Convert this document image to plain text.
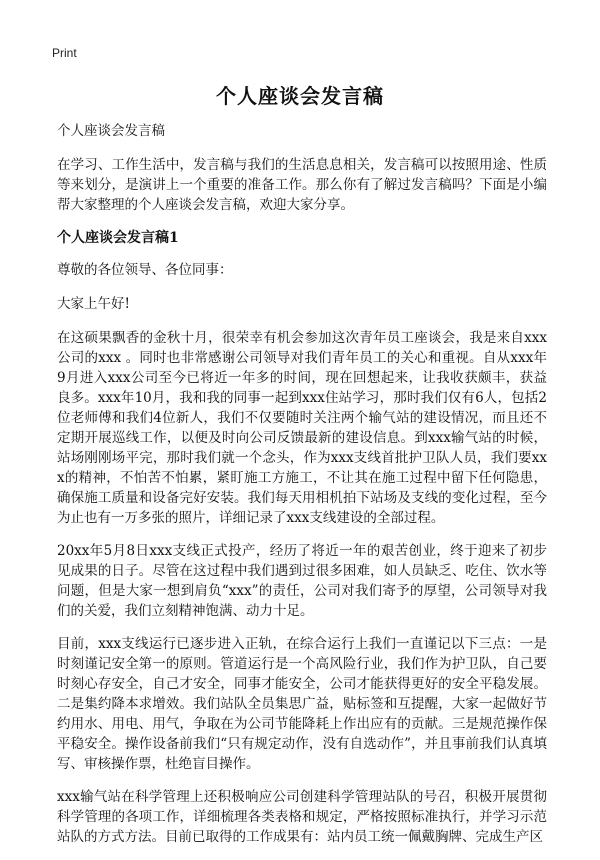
Print
个人座谈会发言稿

个人座谈会发言稿

在学习、工作生活中，发言稿与我们的生活息息相关，发言稿可以按照用途、性质等来划分，是演讲上一个重要的准备工作。那么你有了解过发言稿吗？下面是小编帮大家整理的个人座谈会发言稿，欢迎大家分享。

个人座谈会发言稿1

尊敬的各位领导、各位同事：

大家上午好!

在这硕果飘香的金秋十月，很荣幸有机会参加这次青年员工座谈会，我是来自xxx公司的xxx 。同时也非常感谢公司领导对我们青年员工的关心和重视。自从xxx年9月进入xxx公司至今已将近一年多的时间，现在回想起来，让我收获颇丰，获益良多。xxx年10月，我和我的同事一起到xxx住站学习，那时我们仅有6人，包括2位老师傅和我们4位新人，我们不仅要随时关注两个输气站的建设情况，而且还不定期开展巡线工作，以便及时向公司反馈最新的建设信息。到xxx输气站的时候，站场刚刚场平完，那时我们就一个念头，作为xxx支线首批护卫队人员，我们要xxx的精神，不怕苦不怕累，紧盯施工方施工，不让其在施工过程中留下任何隐患，确保施工质量和设备完好安装。我们每天用相机拍下站场及支线的变化过程，至今为止也有一万多张的照片，详细记录了xxx支线建设的全部过程。

20xx年5月8日xxx支线正式投产，经历了将近一年的艰苦创业，终于迎来了初步见成果的日子。尽管在这过程中我们遇到过很多困难，如人员缺乏、吃住、饮水等问题，但是大家一想到肩负“xxx”的责任，公司对我们寄予的厚望，公司领导对我们的关爱，我们立刻精神饱满、动力十足。

目前，xxx支线运行已逐步进入正轨，在综合运行上我们一直谨记以下三点：一是时刻谨记安全第一的原则。管道运行是一个高风险行业，我们作为护卫队，自己要时刻心存安全，自己才安全，同事才能安全，公司才能获得更好的安全平稳发展。二是集约降本求增效。我们站队全员集思广益，贴标签和互提醒，大家一起做好节约用水、用电、用气，争取在为公司节能降耗上作出应有的贡献。三是规范操作保平稳安全。操作设备前我们“只有规定动作，没有自选动作”，并且事前我们认真填写、审核操作票，杜绝盲目操作。

xxx输气站在科学管理上还积极响应公司创建科学管理站队的号召，积极开展贯彻科学管理的各项工作，详细梳理各类表格和规定，严格按照标准执行，并学习示范站队的方式方法。目前已取得的工作成果有：站内员工统一佩戴胸牌、完成生产区
